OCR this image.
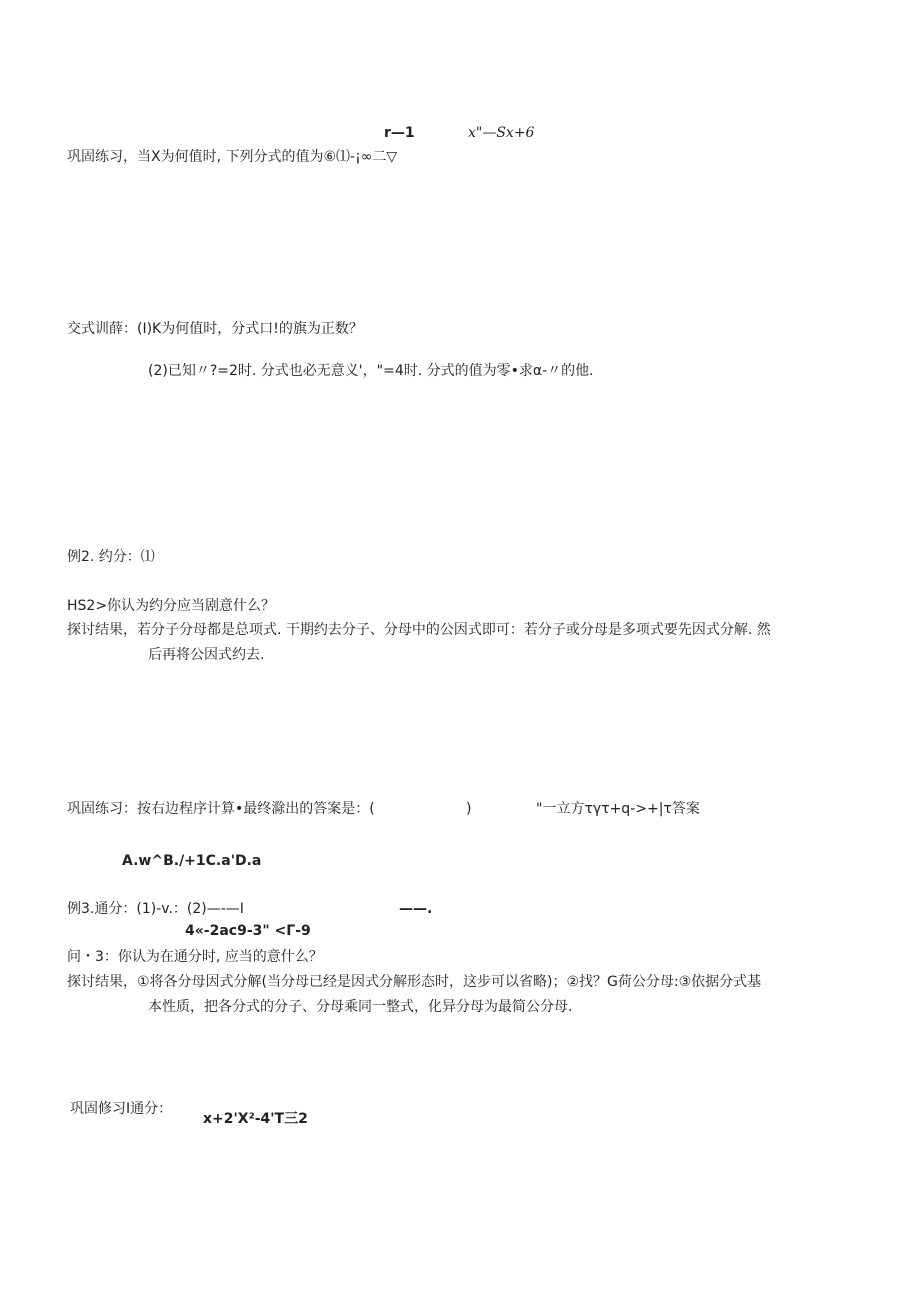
r—1	x"—Sx+6
巩固练习，当X为何值时, 下列分式的值为⑥⑴-¡∞二▽
交式训薛：(I)K为何值时，分式口!的旗为正数？
(2)已知〃?=2时. 分式也必无意义'，"=4时. 分式的值为零•求α-〃的他.
例2. 约分：⑴
HS2>你认为约分应当剧意什么？
探讨结果，若分子分母都是总项式. 干期约去分子、分母中的公因式即可：若分子或分母是多项式要先因式分解. 然
后再将公因式约去.
巩固练习：按右边程序计算•最终滁出的答案是：(	)	"一立方τγτ+q->+|τ答案
A.w^B./+1C.a'D.a
例3.通分：(1)-v.：(2)—-—I	——.
4«-2ac9-3" <Γ-9
问・3：你认为在通分时, 应当的意什么？
探讨结果，①将各分母因式分解(当分母已经是因式分解形态时，这步可以省略)；②找？G荷公分母:③依据分式基
本性质，把各分式的分子、分母乘同一整式，化异分母为最简公分母.
巩固修习I通分：
x+2'X²-4'T三2
